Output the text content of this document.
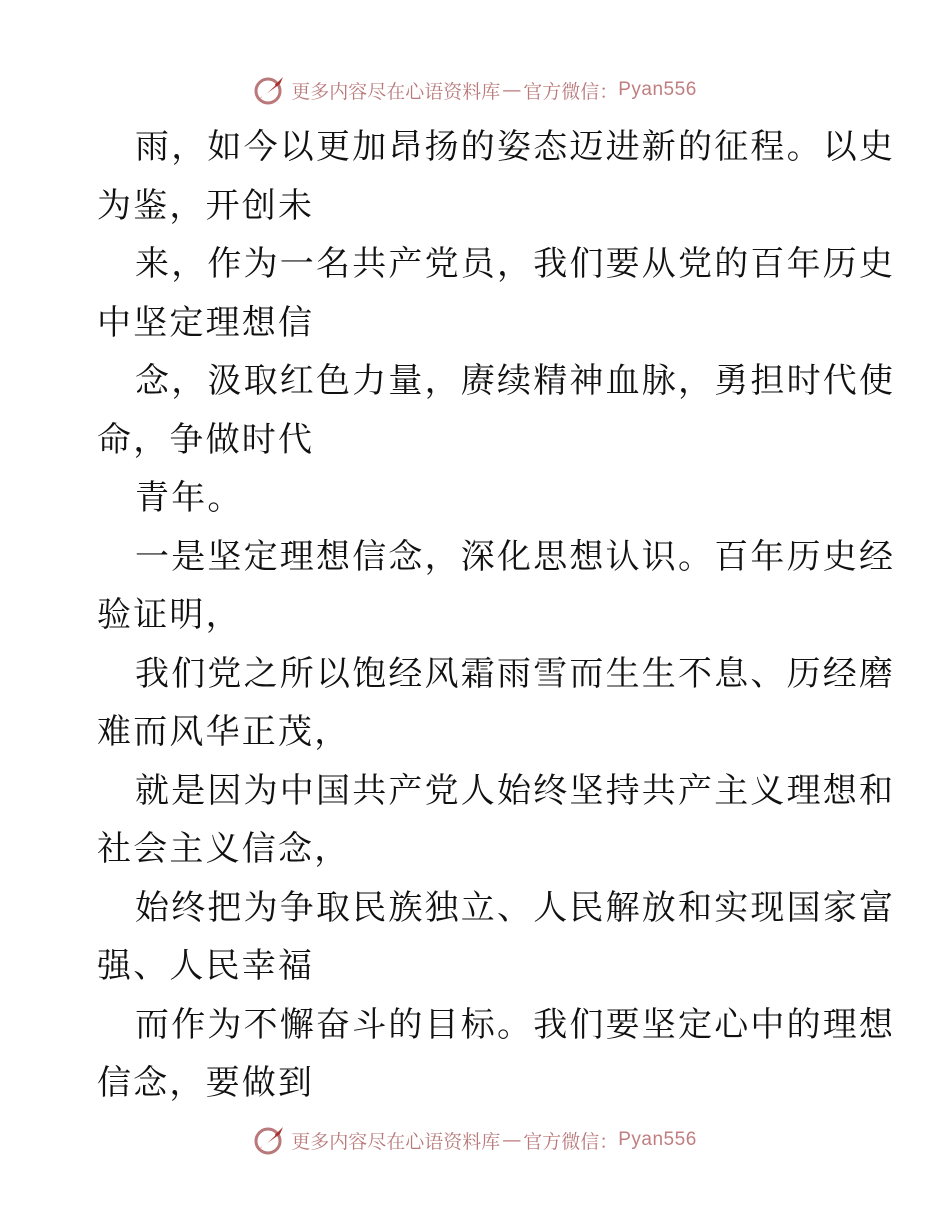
更多内容尽在心语资料库 — 官方微信： Pyan556
雨，如今以更加昂扬的姿态迈进新的征程。以史
为鉴，开创未
来，作为一名共产党员，我们要从党的百年历史
中坚定理想信
念，汲取红色力量，赓续精神血脉，勇担时代使
命，争做时代
青年。
一是坚定理想信念，深化思想认识。百年历史经
验证明，
我们党之所以饱经风霜雨雪而生生不息、历经磨
难而风华正茂，
就是因为中国共产党人始终坚持共产主义理想和
社会主义信念，
始终把为争取民族独立、人民解放和实现国家富
强、人民幸福
而作为不懈奋斗的目标。我们要坚定心中的理想
信念，要做到
更多内容尽在心语资料库 — 官方微信： Pyan556
